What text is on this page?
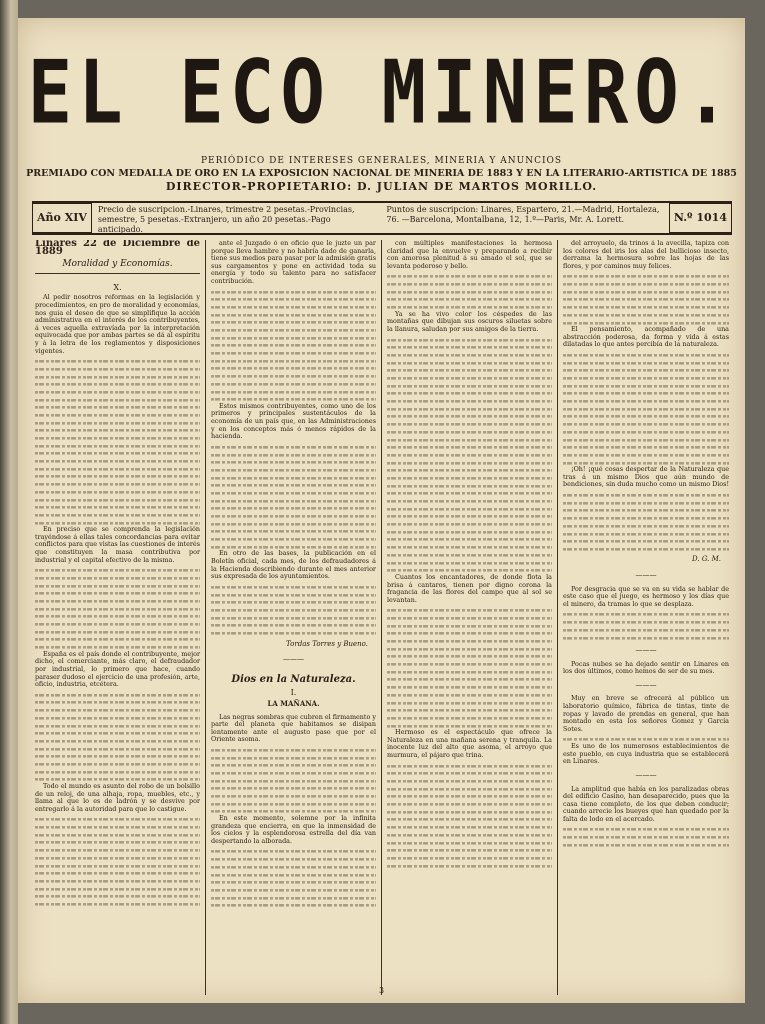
EL ECO MINERO.
PERIÓDICO DE INTERESES GENERALES, MINERIA Y ANUNCIOS
PREMIADO CON MEDALLA DE ORO EN LA EXPOSICION NACIONAL DE MINERIA DE 1883 Y EN LA LITERARIO-ARTISTICA DE 1885
DIRECTOR-PROPIETARIO: D. JULIAN DE MARTOS MORILLO.
Año XIV
Precio de suscripcion.-Linares, trimestre 2 pesetas.-Provincias, semestre, 5 pesetas.-Extranjero, un año 20 pesetas.-Pago anticipado.
Puntos de suscripcion: Linares, Espartero, 21.—Madrid, Hortaleza, 76. —Barcelona, Montalbana, 12, 1.º—Paris, Mr. A. Lorett.	N.º 1014

Linares 22 de Diciembre de 1889

Moralidad y Economías.
X.

Al pedir nosotros reformas en la legislación y procedimientos, en pro de moralidad y economías, nos guia el deseo de que se simplifique la acción administrativa en el interés de los contribuyentes, á veces aquella extravíada por la interpretación equivocada que por ambas partes se dá al espíritu y á la letra de los reglamentos y disposiciones vigentes.

En preciso que se comprenda la legislación trayéndose á ellas tales concordancias para evitar conflictos para que vistas las cuestiones de interés que constituyen la masa contributiva por industrial y el capital efectivo de la misma.

España es el país donde el contribuyente, mejor dicho, el comerciante, más claro, el defraudador por industrial, lo primero que hace, cuando paraser dudoso el ejercicio de una profesión, arte, oficio, industria, etcétera.

Todo el mundo es asunto del robo de un bolsillo de un reloj, de una alhaja, ropa, muebles, etc., y llama al que lo es de ladrón y se desvive por entregarlo á la autoridad para que lo castigue.

ante el Juzgado ó en oficio que le juzte un par porque lleva hambre y no habría dado de ganarla, tiene sus medios para pasar por la admisión gratis sus cargamentos y pone en actividad toda su energía y todo su talento para no satisfacer contribución.

Estos mismos contribuyentes, como uno de los primeros y principales sustentáculos de la economía de un país que, en las Administraciones y en los conceptos más ó menos rápidos de la hacienda.

En otro de las bases, la publicación en el Boletín oficial, cada mes, de los defraudadores á la Hacienda describiendo durante el mes anterior sus expresada de los ayuntamientos.

Tordas Torres y Bueno.
———
Dios en la Naturaleza.
I.
LA MAÑANA.

Las negras sombras que cubren el firmamento y parte del planeta que habitamos se disipan lentamente ante el augusto paso que por el Oriente asoma.

En este momento, solemne por la infinita grandeza que encierra, en que la inmensidad de los cielos y la esplendorosa estrella del día van despertando la alborada.

con múltiples manifestaciones la hermosa claridad que la envuelve y preparando a recibir con amorosa plenitud á su amado el sol, que se levanta poderoso y bello.

Ya se ha vivo color los céspedes de las montañas que dibujan sus oscuros siluetas sobre la llanura, saludan por sus amigos de la tierra.

Cuantos los encantadores, de donde flota la brisa á cantaros, tienen por digno corona la fragancia de las flores del campo que al sol se levantan.

Hermoso es el espectáculo que ofrece la Naturaleza en una mañana serena y tranquila. La inocente luz del alto que asoma, el arroyo que murmura, el pájaro que trina.

del arroyuelo, da trinos á la avecilla, tapiza con los colores del iris los alas del bullicioso insecto, derrama la hermosura sobre las hojas de las flores, y por caminos muy felices.

El pensamiento, acompañado de una abstracción poderosa, da forma y vida á estas dilatadas lo que antes percibía de la naturaleza.

¡Oh! ¡qué cosas despertar de la Naturaleza que tras á un mismo Dios que aún mundo de bendiciones, sin duda mucho como un mismo Dios!

D. G. M.
———

Por desgracia que se va en su vida se hablar de este caso que el juego, es hermoso y los días que el minero, da tramas lo que se desplaza.

———

Pocas nubes se ha dejado sentir en Linares en los dos últimos, como hemos de ser de su mes.

———

Muy en breve se ofrecerá al público un laboratorio químico, fábrica de tintas, tinte de ropas y lavado de prendas en general, que han montado en esta los señores Gomez y García Sotes.

Es uno de los numerosos establecimientos de este pueblo, en cuya industria que se establecerá en Linares.

———

La amplitud que había en los paralizadas obras del edificio Casino, han desaparecido, pues que la casa tiene completo, de los que deben conducir; cuando arrecie los bueyes que han quedado por la falta de lodo en el acercado.

3
